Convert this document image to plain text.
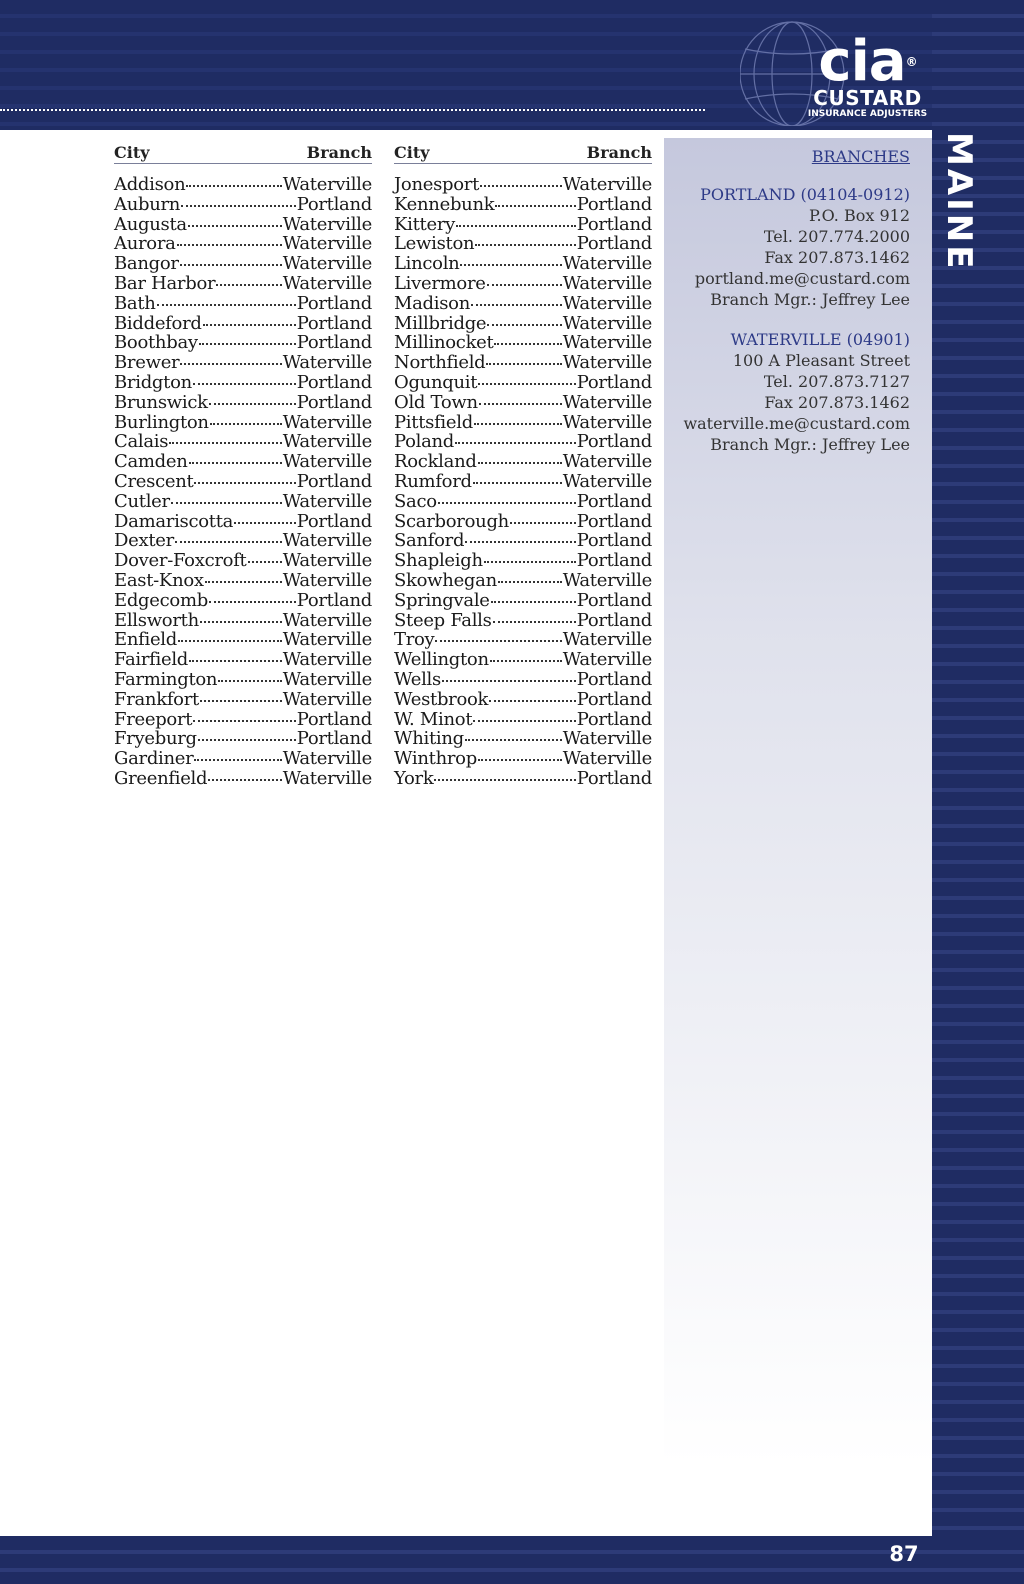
cia®
CUSTARD
INSURANCE ADJUSTERS
MAINE
BRANCHES
PORTLAND (04104-0912)
P.O. Box 912
Tel. 207.774.2000
Fax 207.873.1462
portland.me@custard.com
Branch Mgr.: Jeffrey Lee
WATERVILLE (04901)
100 A Pleasant Street
Tel. 207.873.7127
Fax 207.873.1462
waterville.me@custard.com
Branch Mgr.: Jeffrey Lee
City	Branch
Addison	Waterville
Auburn	Portland
Augusta	Waterville
Aurora	Waterville
Bangor	Waterville
Bar Harbor	Waterville
Bath	Portland
Biddeford	Portland
Boothbay	Portland
Brewer	Waterville
Bridgton	Portland
Brunswick	Portland
Burlington	Waterville
Calais	Waterville
Camden	Waterville
Crescent	Portland
Cutler	Waterville
Damariscotta	Portland
Dexter	Waterville
Dover-Foxcroft Waterville
East-Knox	Waterville
Edgecomb	Portland
Ellsworth	Waterville
Enfield	Waterville
Fairfield	Waterville
Farmington	Waterville
Frankfort	Waterville
Freeport	Portland
Fryeburg	Portland
Gardiner	Waterville
Greenfield	Waterville
City	Branch
Jonesport	Waterville
Kennebunk	Portland
Kittery	Portland
Lewiston	Portland
Lincoln	Waterville
Livermore	Waterville
Madison	Waterville
Millbridge	Waterville
Millinocket	Waterville
Northfield	Waterville
Ogunquit	Portland
Old Town	Waterville
Pittsfield	Waterville
Poland	Portland
Rockland	Waterville
Rumford	Waterville
Saco	Portland
Scarborough	Portland
Sanford	Portland
Shapleigh	Portland
Skowhegan	Waterville
Springvale	Portland
Steep Falls	Portland
Troy	Waterville
Wellington	Waterville
Wells	Portland
Westbrook	Portland
W. Minot	Portland
Whiting	Waterville
Winthrop	Waterville
York	Portland
87
